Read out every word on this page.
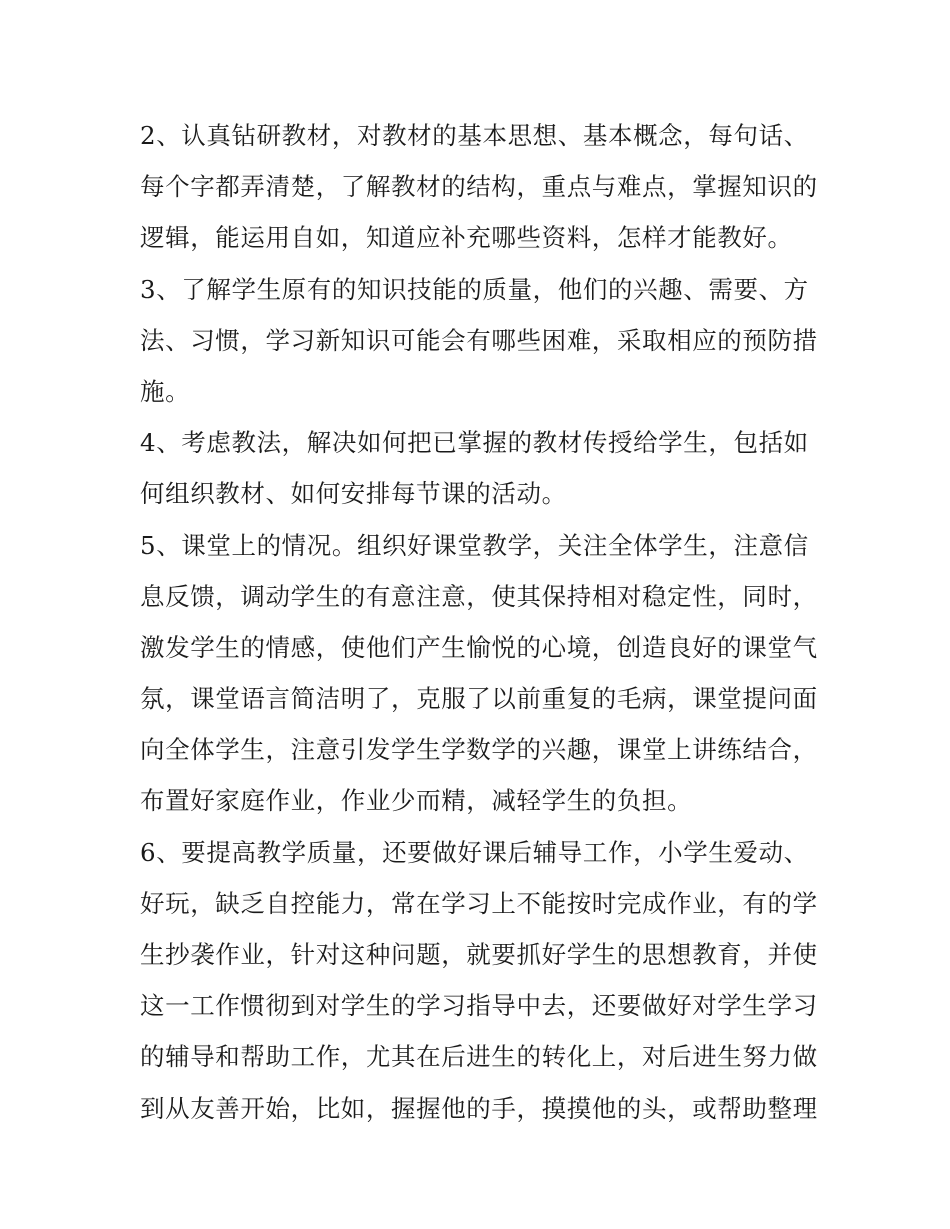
2、认真钻研教材，对教材的基本思想、基本概念，每句话、
每个字都弄清楚，了解教材的结构，重点与难点，掌握知识的
逻辑，能运用自如，知道应补充哪些资料，怎样才能教好。
3、了解学生原有的知识技能的质量，他们的兴趣、需要、方
法、习惯，学习新知识可能会有哪些困难，采取相应的预防措
施。
4、考虑教法，解决如何把已掌握的教材传授给学生，包括如
何组织教材、如何安排每节课的活动。
5、课堂上的情况。组织好课堂教学，关注全体学生，注意信
息反馈，调动学生的有意注意，使其保持相对稳定性，同时，
激发学生的情感，使他们产生愉悦的心境，创造良好的课堂气
氛，课堂语言简洁明了，克服了以前重复的毛病，课堂提问面
向全体学生，注意引发学生学数学的兴趣，课堂上讲练结合，
布置好家庭作业，作业少而精，减轻学生的负担。
6、要提高教学质量，还要做好课后辅导工作，小学生爱动、
好玩，缺乏自控能力，常在学习上不能按时完成作业，有的学
生抄袭作业，针对这种问题，就要抓好学生的思想教育，并使
这一工作惯彻到对学生的学习指导中去，还要做好对学生学习
的辅导和帮助工作，尤其在后进生的转化上，对后进生努力做
到从友善开始，比如，握握他的手，摸摸他的头，或帮助整理
